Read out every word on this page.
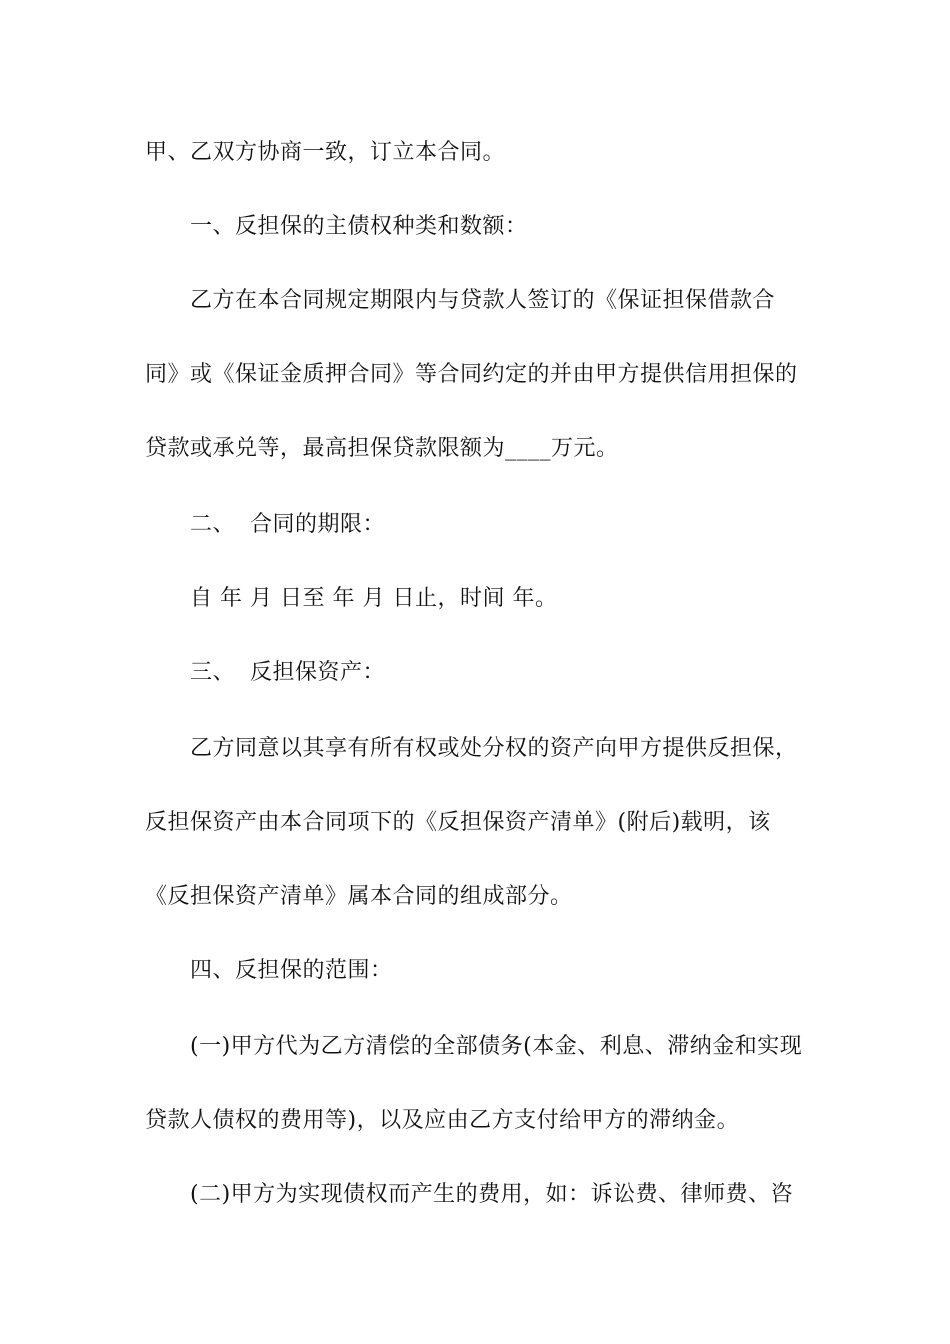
甲、乙双方协商一致，订立本合同。
一、反担保的主债权种类和数额：
乙方在本合同规定期限内与贷款人签订的《保证担保借款合
同》或《保证金质押合同》等合同约定的并由甲方提供信用担保的
贷款或承兑等，最高担保贷款限额为____万元。
二、  合同的期限：
自 年 月 日至 年 月 日止，时间 年。
三、  反担保资产：
乙方同意以其享有所有权或处分权的资产向甲方提供反担保，
反担保资产由本合同项下的《反担保资产清单》(附后)载明，该
《反担保资产清单》属本合同的组成部分。
四、反担保的范围：
(一)甲方代为乙方清偿的全部债务(本金、利息、滞纳金和实现
贷款人债权的费用等)，以及应由乙方支付给甲方的滞纳金。
(二)甲方为实现债权而产生的费用，如：诉讼费、律师费、咨
